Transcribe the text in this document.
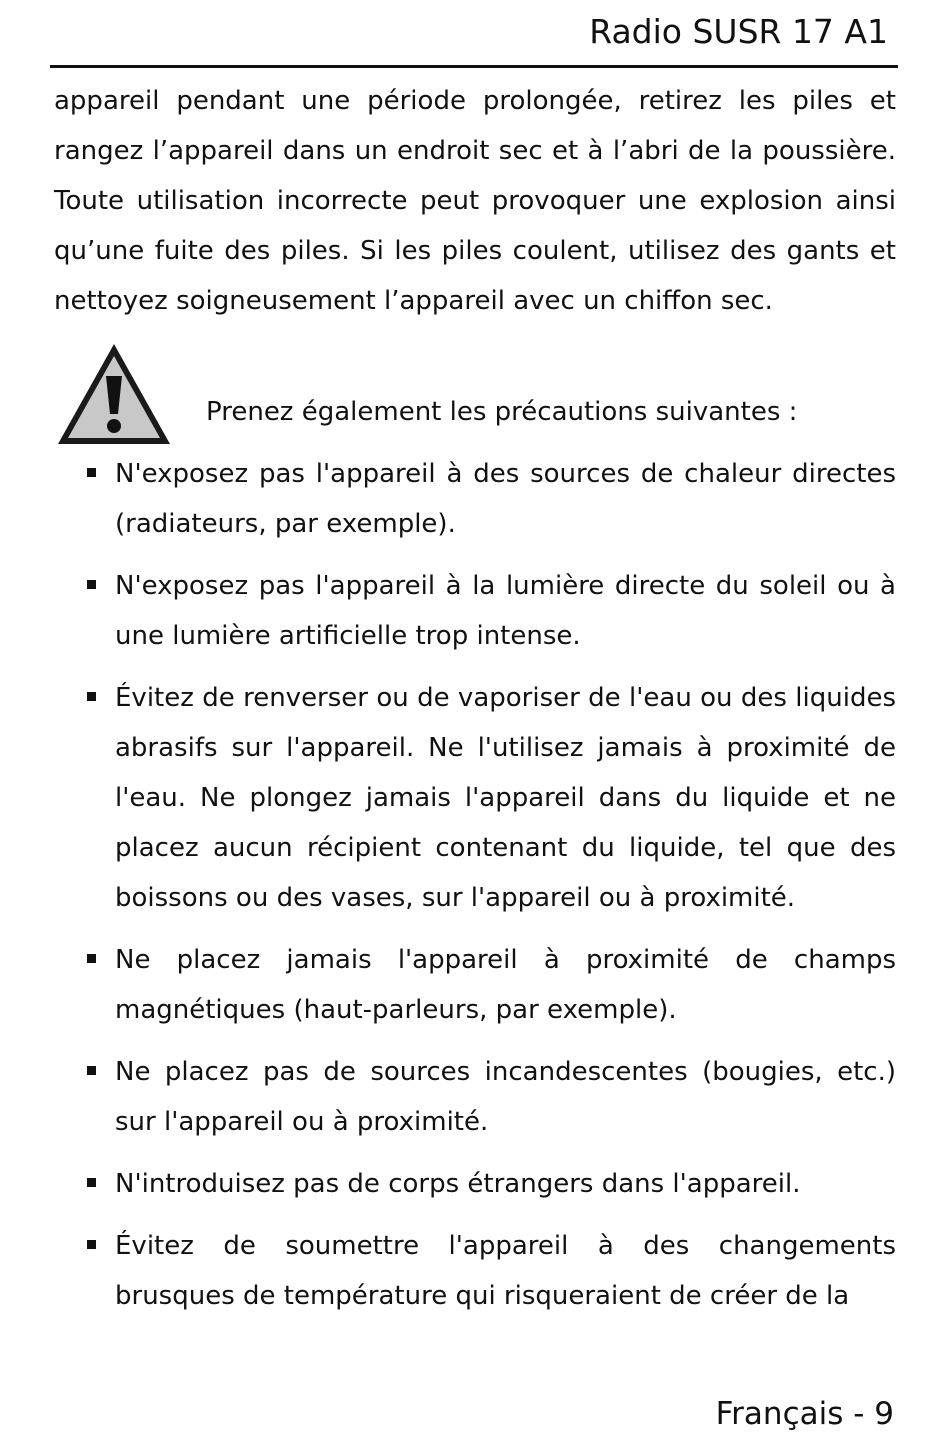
Radio SUSR 17 A1

appareil pendant une période prolongée, retirez les piles et rangez l’appareil dans un endroit sec et à l’abri de la poussière. Toute utilisation incorrecte peut provoquer une explosion ainsi qu’une fuite des piles. Si les piles coulent, utilisez des gants et nettoyez soigneusement l’appareil avec un chiffon sec.

Prenez également les précautions suivantes :
N'exposez pas l'appareil à des sources de chaleur directes (radiateurs, par exemple).
N'exposez pas l'appareil à la lumière directe du soleil ou à une lumière artificielle trop intense.
Évitez de renverser ou de vaporiser de l'eau ou des liquides abrasifs sur l'appareil. Ne l'utilisez jamais à proximité de l'eau. Ne plongez jamais l'appareil dans du liquide et ne placez aucun récipient contenant du liquide, tel que des boissons ou des vases, sur l'appareil ou à proximité.
Ne placez jamais l'appareil à proximité de champs magnétiques (haut-parleurs, par exemple).
Ne placez pas de sources incandescentes (bougies, etc.) sur l'appareil ou à proximité.
N'introduisez pas de corps étrangers dans l'appareil.
Évitez de soumettre l'appareil à des changements brusques de température qui risqueraient de créer de la
Français - 9
